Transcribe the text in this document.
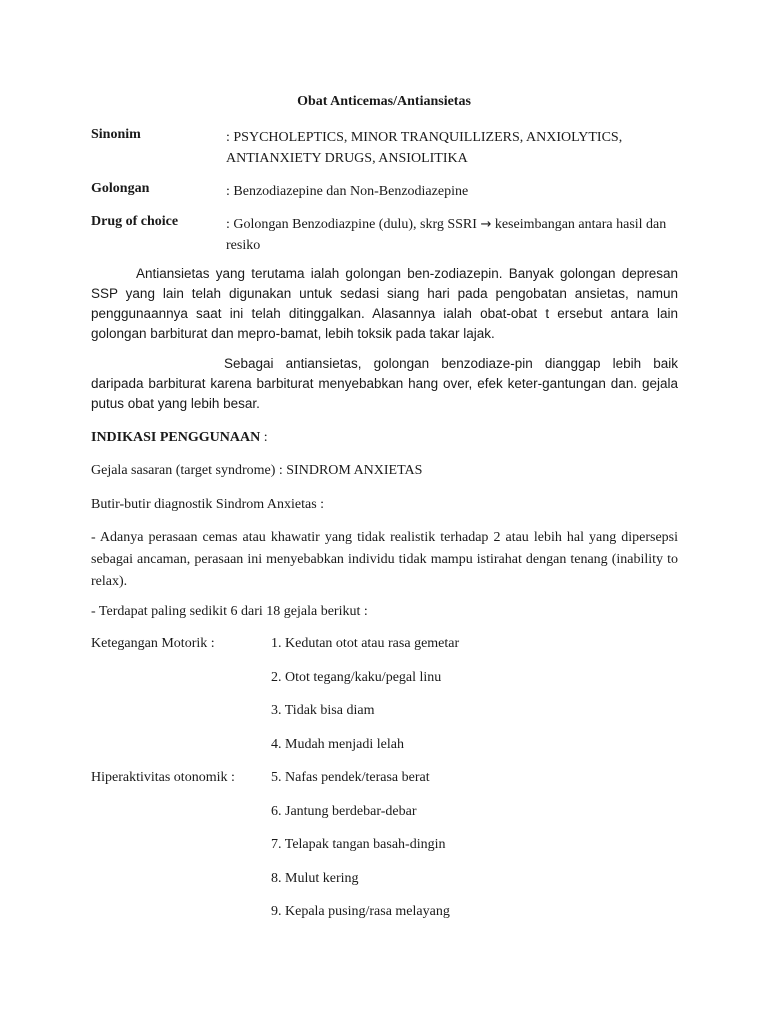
Obat Anticemas/Antiansietas
Sinonim	: PSYCHOLEPTICS, MINOR TRANQUILLIZERS, ANXIOLYTICS, ANTIANXIETY DRUGS, ANSIOLITIKA
Golongan	: Benzodiazepine dan Non-Benzodiazepine
Drug of choice	: Golongan Benzodiazpine (dulu), skrg SSRI → keseimbangan antara hasil dan resiko
Antiansietas yang terutama ialah golongan ben-zodiazepin. Banyak golongan depresan SSP yang lain telah digunakan untuk sedasi siang hari pada pengobatan ansietas, namun penggunaannya saat ini telah ditinggalkan. Alasannya ialah obat-obat t ersebut antara lain golongan barbiturat dan mepro-bamat, lebih toksik pada takar lajak.
Sebagai antiansietas, golongan benzodiaze-pin dianggap lebih baik daripada barbiturat karena barbiturat menyebabkan hang over, efek keter-gantungan dan. gejala putus obat yang lebih besar.
INDIKASI PENGGUNAAN :
Gejala sasaran (target syndrome) : SINDROM ANXIETAS
Butir-butir diagnostik Sindrom Anxietas :
- Adanya perasaan cemas atau khawatir yang tidak realistik terhadap 2 atau lebih hal yang dipersepsi sebagai ancaman, perasaan ini menyebabkan individu tidak mampu istirahat dengan tenang (inability to relax).
- Terdapat paling sedikit 6 dari 18 gejala berikut :
Ketegangan Motorik :	1. Kedutan otot atau rasa gemetar
2. Otot tegang/kaku/pegal linu
3. Tidak bisa diam
4. Mudah menjadi lelah
Hiperaktivitas otonomik :	5. Nafas pendek/terasa berat
6. Jantung berdebar-debar
7. Telapak tangan basah-dingin
8. Mulut kering
9. Kepala pusing/rasa melayang
